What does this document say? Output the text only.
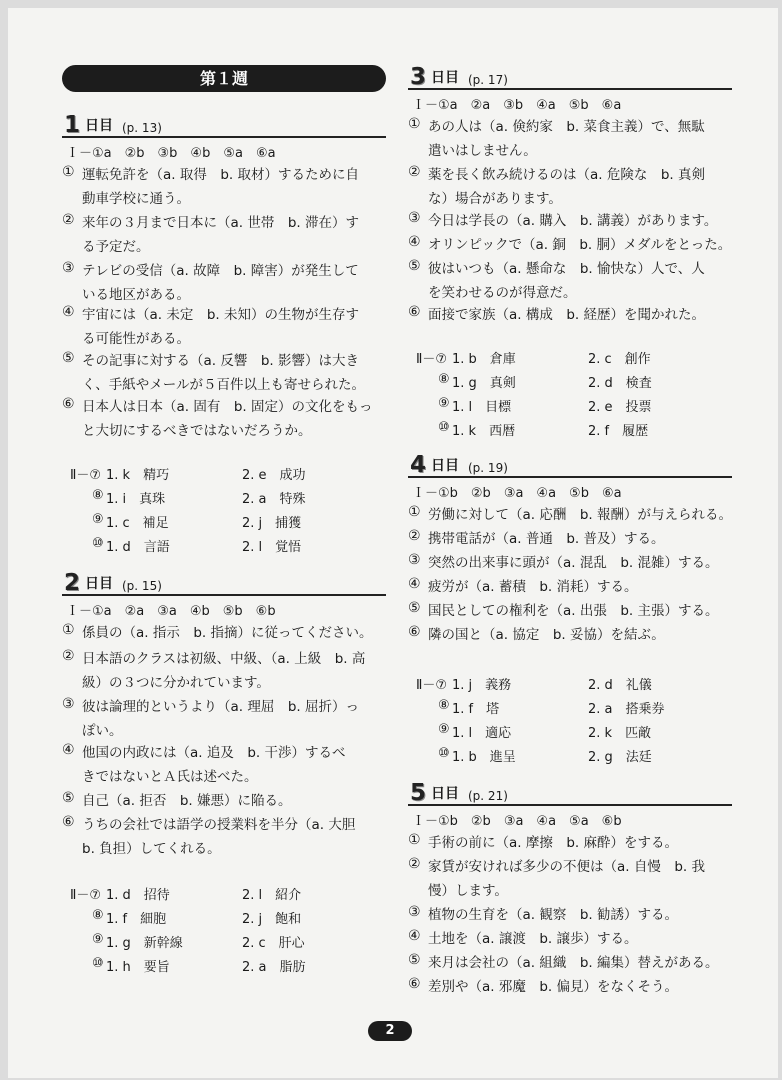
第１週
1 日目 (p. 13)
Ｉ－①a　②b　③b　④b　⑤a　⑥a
① 運転免許を（a. 取得　b. 取材）するために自
動車学校に通う。
② 来年の３月まで日本に（a. 世帯　b. 滞在）す
る予定だ。
③ テレビの受信（a. 故障　b. 障害）が発生して
いる地区がある。
④ 宇宙には（a. 未定　b. 未知）の生物が生存す
る可能性がある。
⑤ その記事に対する（a. 反響　b. 影響）は大き
く、手紙やメールが５百件以上も寄せられた。
⑥ 日本人は日本（a. 固有　b. 固定）の文化をもっ
と大切にするべきではないだろうか。
Ⅱ－⑦ 1. k　精巧	2. e　成功
⑧ 1. i　真珠	2. a　特殊
⑨ 1. c　補足	2. j　捕獲
⑩ 1. d　言語	2. l　覚悟
2 日目 (p. 15)
Ｉ－①a　②a　③a　④b　⑤b　⑥b
① 係員の（a. 指示　b. 指摘）に従ってください。
② 日本語のクラスは初級、中級、（a. 上級　b. 高
級）の３つに分かれています。
③ 彼は論理的というより（a. 理屈　b. 屈折）っ
ぽい。
④ 他国の内政には（a. 追及　b. 干渉）するべ
きではないとＡ氏は述べた。
⑤ 自己（a. 拒否　b. 嫌悪）に陥る。
⑥ うちの会社では語学の授業料を半分（a. 大胆
b. 負担）してくれる。
Ⅱ－⑦ 1. d　招待	2. l　紹介
⑧ 1. f　細胞	2. j　飽和
⑨ 1. g　新幹線	2. c　肝心
⑩ 1. h　要旨	2. a　脂肪
3 日目 (p. 17)
Ｉ－①a　②a　③b　④a　⑤b　⑥a
① あの人は（a. 倹約家　b. 菜食主義）で、無駄
遣いはしません。
② 薬を長く飲み続けるのは（a. 危険な　b. 真剣
な）場合があります。
③ 今日は学長の（a. 購入　b. 講義）があります。
④ オリンピックで（a. 銅　b. 胴）メダルをとった。
⑤ 彼はいつも（a. 懸命な　b. 愉快な）人で、人
を笑わせるのが得意だ。
⑥ 面接で家族（a. 構成　b. 経歴）を聞かれた。
Ⅱ－⑦ 1. b　倉庫	2. c　創作
⑧ 1. g　真剣	2. d　検査
⑨ 1. l　目標	2. e　投票
⑩ 1. k　西暦	2. f　履歴
4 日目 (p. 19)
Ｉ－①b　②b　③a　④a　⑤b　⑥a
① 労働に対して（a. 応酬　b. 報酬）が与えられる。
② 携帯電話が（a. 普通　b. 普及）する。
③ 突然の出来事に頭が（a. 混乱　b. 混雑）する。
④ 疲労が（a. 蓄積　b. 消耗）する。
⑤ 国民としての権利を（a. 出張　b. 主張）する。
⑥ 隣の国と（a. 協定　b. 妥協）を結ぶ。
Ⅱ－⑦ 1. j　義務	2. d　礼儀
⑧ 1. f　塔	2. a　搭乗券
⑨ 1. l　適応	2. k　匹敵
⑩ 1. b　進呈	2. g　法廷
5 日目 (p. 21)
Ｉ－①b　②b　③a　④a　⑤a　⑥b
① 手術の前に（a. 摩擦　b. 麻酔）をする。
② 家賃が安ければ多少の不便は（a. 自慢　b. 我
慢）します。
③ 植物の生育を（a. 観察　b. 勧誘）する。
④ 土地を（a. 譲渡　b. 譲歩）する。
⑤ 来月は会社の（a. 組織　b. 編集）替えがある。
⑥ 差別や（a. 邪魔　b. 偏見）をなくそう。
2
